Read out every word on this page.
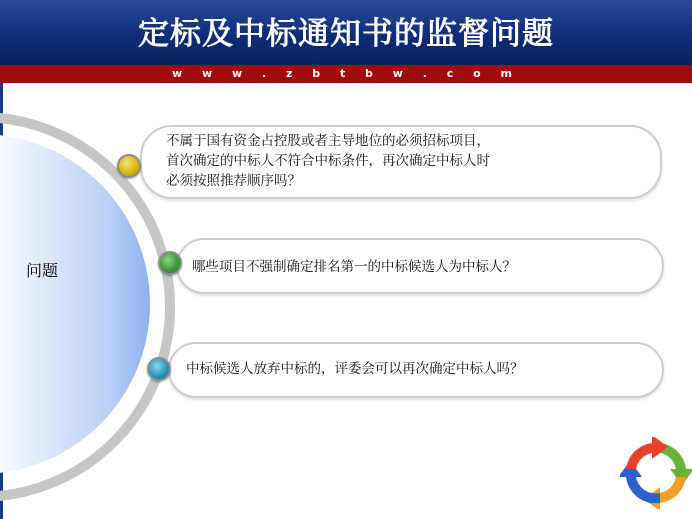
定标及中标通知书的监督问题
w w w . z b t b w . c o m
问题
不属于国有资金占控股或者主导地位的必须招标项目，
首次确定的中标人不符合中标条件，再次确定中标人时
必须按照推荐顺序吗？
哪些项目不强制确定排名第一的中标候选人为中标人？
中标候选人放弃中标的，评委会可以再次确定中标人吗？
